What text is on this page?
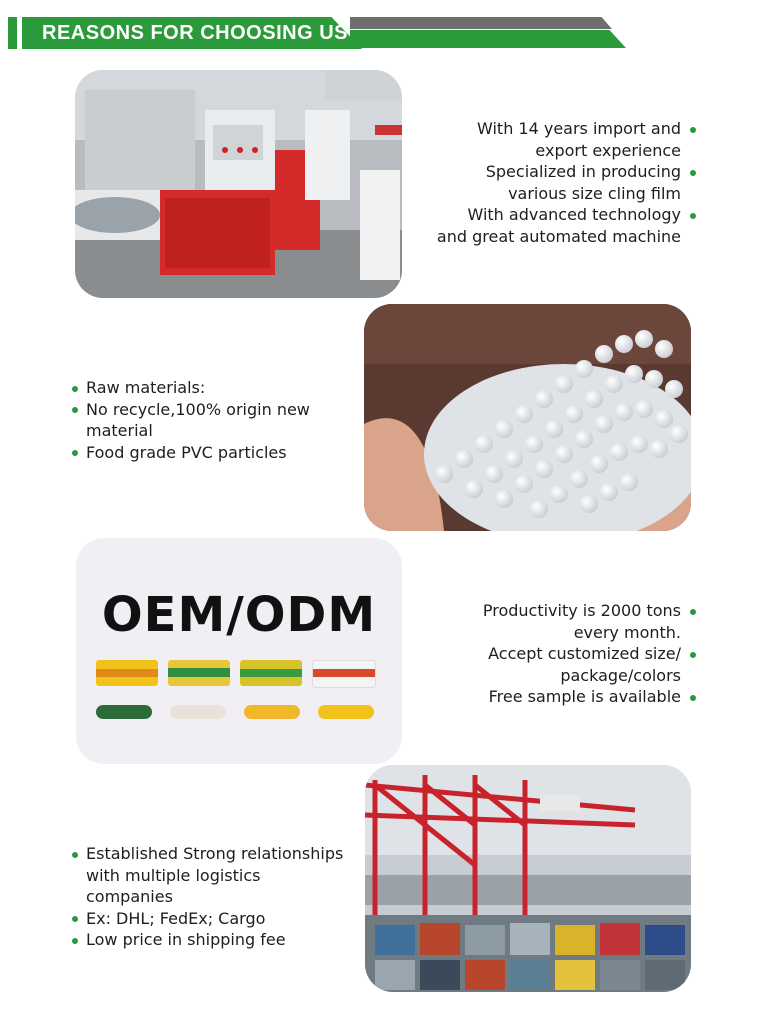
REASONS FOR CHOOSING US
With 14 years import and
export experience
Specialized in producing
various size cling film
With advanced technology
and great automated machine
Raw materials:
No recycle,100% origin new
material
Food grade PVC particles
OEM/ODM	Productivity is 2000 tons
every month.
Accept customized size/
package/colors
Free sample is available
Established Strong relationships
with multiple logistics
companies
Ex: DHL; FedEx; Cargo
Low price in shipping fee
